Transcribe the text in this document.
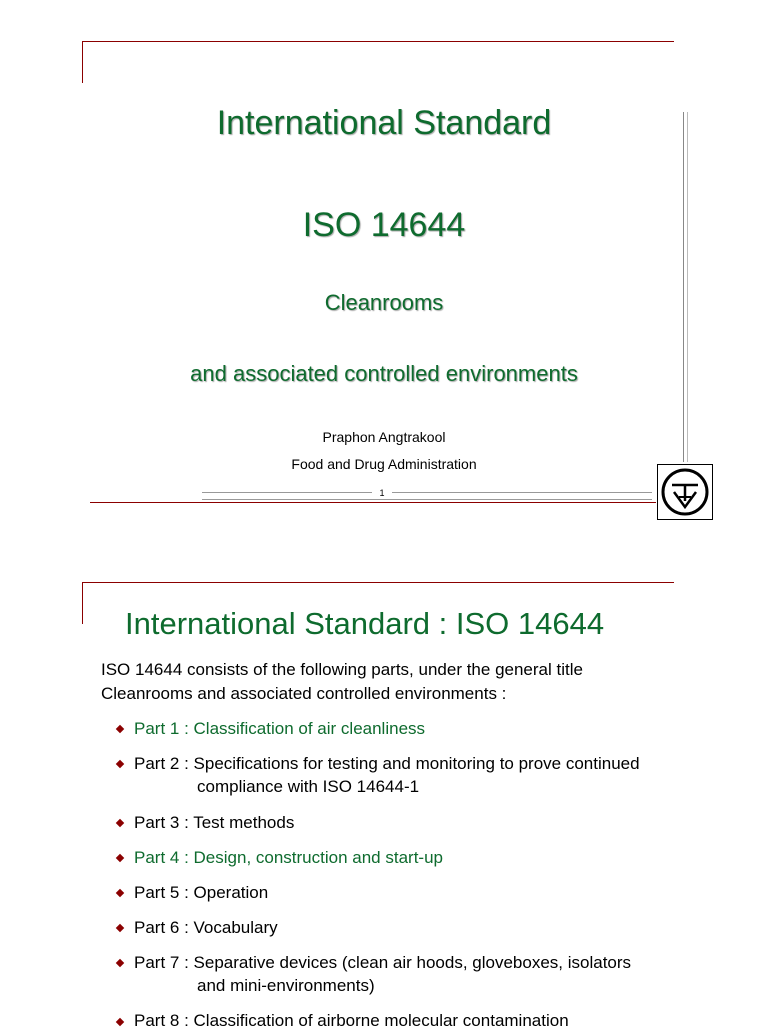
International Standard
ISO 14644
Cleanrooms
and associated controlled environments
Praphon Angtrakool
Food and Drug Administration
1
International Standard : ISO 14644
ISO 14644 consists of the following parts, under the general title
Cleanrooms and associated controlled environments :
Part 1 : Classification of air cleanliness
Part 2 : Specifications for testing and monitoring to prove continued
compliance with ISO 14644-1
Part 3 : Test methods
Part 4 : Design, construction and start-up
Part 5 : Operation
Part 6 : Vocabulary
Part 7 : Separative devices (clean air hoods, gloveboxes, isolators
and mini-environments)
Part 8 : Classification of airborne molecular contamination
